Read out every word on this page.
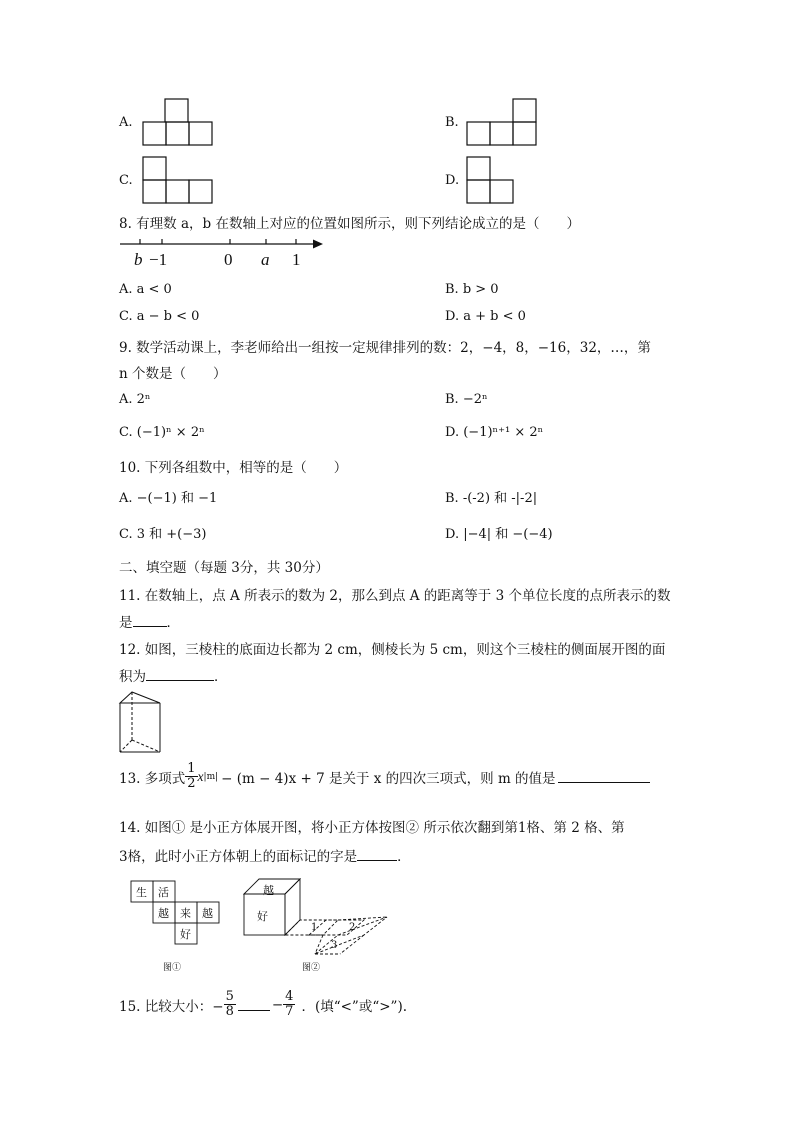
A.	B.
C.	D.
8. 有理数 a，b 在数轴上对应的位置如图所示，则下列结论成立的是（　　）
b −1	0 a 1
A. a < 0	B. b > 0
C. a − b < 0	D. a + b < 0
9. 数学活动课上，李老师给出一组按一定规律排列的数：2，−4，8，−16，32，…，第
n 个数是（　　）
A. 2ⁿ	B. −2ⁿ
C. (−1)ⁿ × 2ⁿ	D. (−1)ⁿ⁺¹ × 2ⁿ
10. 下列各组数中，相等的是（　　）
A. −(−1) 和 −1	B. -(-2) 和 -|-2|
C. 3 和 +(−3)	D. |−4| 和 −(−4)
二、填空题（每题 3分，共 30分）
11. 在数轴上，点 A 所表示的数为 2，那么到点 A 的距离等于 3 个单位长度的点所表示的数
是	．
12. 如图，三棱柱的底面边长都为 2 cm，侧棱长为 5 cm，则这个三棱柱的侧面展开图的面
积为	．
13. 多项式 $\frac{1}{2}$ x |m| − (m − 4)x + 7 是关于 x 的四次三项式，则 m 的值是
14. 如图① 是小正方体展开图，将小正方体按图② 所示依次翻到第1格、第 2 格、第
3格，此时小正方体朝上的面标记的字是	．
生 活
越 来 越
好
图①
越
好
1	2
3
图②
15. 比较大小：− $\frac{5}{8}$	− $\frac{4}{7}$ ．(填“<”或“>”).
